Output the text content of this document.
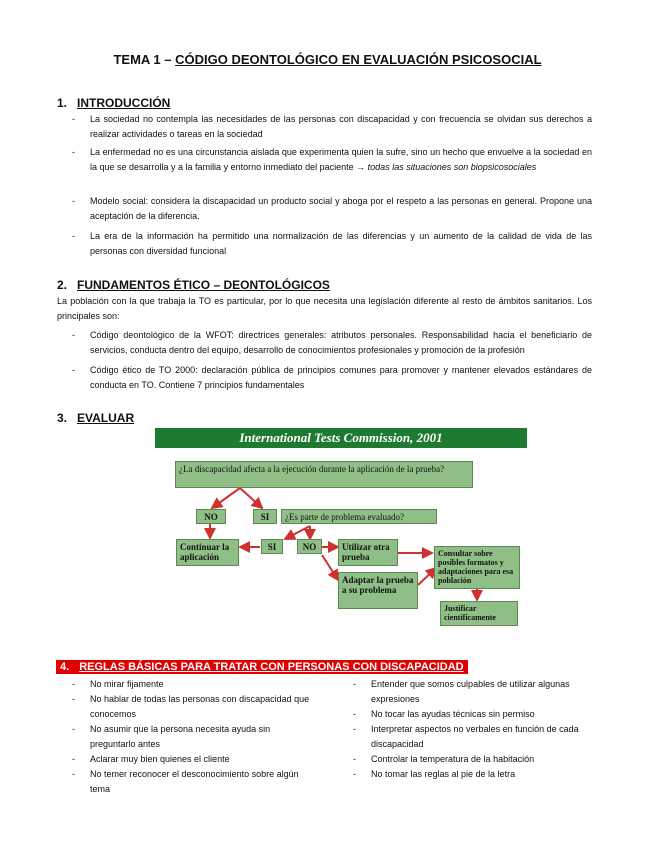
TEMA 1 – CÓDIGO DEONTOLÓGICO EN EVALUACIÓN PSICOSOCIAL
1. INTRODUCCIÓN
- La sociedad no contempla las necesidades de las personas con discapacidad y con frecuencia se olvidan sus derechos a realizar actividades o tareas en la sociedad
- La enfermedad no es una circunstancia aislada que experimenta quien la sufre, sino un hecho que envuelve a la sociedad en la que se desarrolla y a la familia y entorno inmediato del paciente → todas las situaciones son biopsicosociales
- Modelo social: considera la discapacidad un producto social y aboga por el respeto a las personas en general. Propone una aceptación de la diferencia.
- La era de la información ha permitido una normalización de las diferencias y un aumento de la calidad de vida de las personas con diversidad funcional
2. FUNDAMENTOS ÉTICO – DEONTOLÓGICOS
La población con la que trabaja la TO es particular, por lo que necesita una legislación diferente al resto de ámbitos sanitarios. Los principales son:
- Código deontológico de la WFOT: directrices generales: atributos personales. Responsabilidad hacia el beneficiario de servicios, conducta dentro del equipo, desarrollo de conocimientos profesionales y promoción de la profesión
- Código ético de TO 2000: declaración pública de principios comunes para promover y mantener elevados estándares de conducta en TO. Contiene 7 principios fundamentales
3. EVALUAR
International Tests Commission, 2001
¿La discapacidad afecta a la ejecución durante la aplicación de la prueba?
NO	SI	¿Es parte de problema evaluado?
Continuar la aplicación
SI	NO	Utilizar otra prueba
Adaptar la prueba a su problema
Consultar sobre posibles formatos y adaptaciones para esa población
Justificar científicamente
4. REGLAS BÁSICAS PARA TRATAR CON PERSONAS CON DISCAPACIDAD
- No mirar fijamente
- No hablar de todas las personas con discapacidad que conocemos
- No asumir que la persona necesita ayuda sin preguntarlo antes
- Aclarar muy bien quienes el cliente
- No temer reconocer el desconocimiento sobre algún tema
- Entender que somos culpables de utilizar algunas expresiones
- No tocar las ayudas técnicas sin permiso
- Interpretar aspectos no verbales en función de cada discapacidad
- Controlar la temperatura de la habitación
- No tomar las reglas al pie de la letra
